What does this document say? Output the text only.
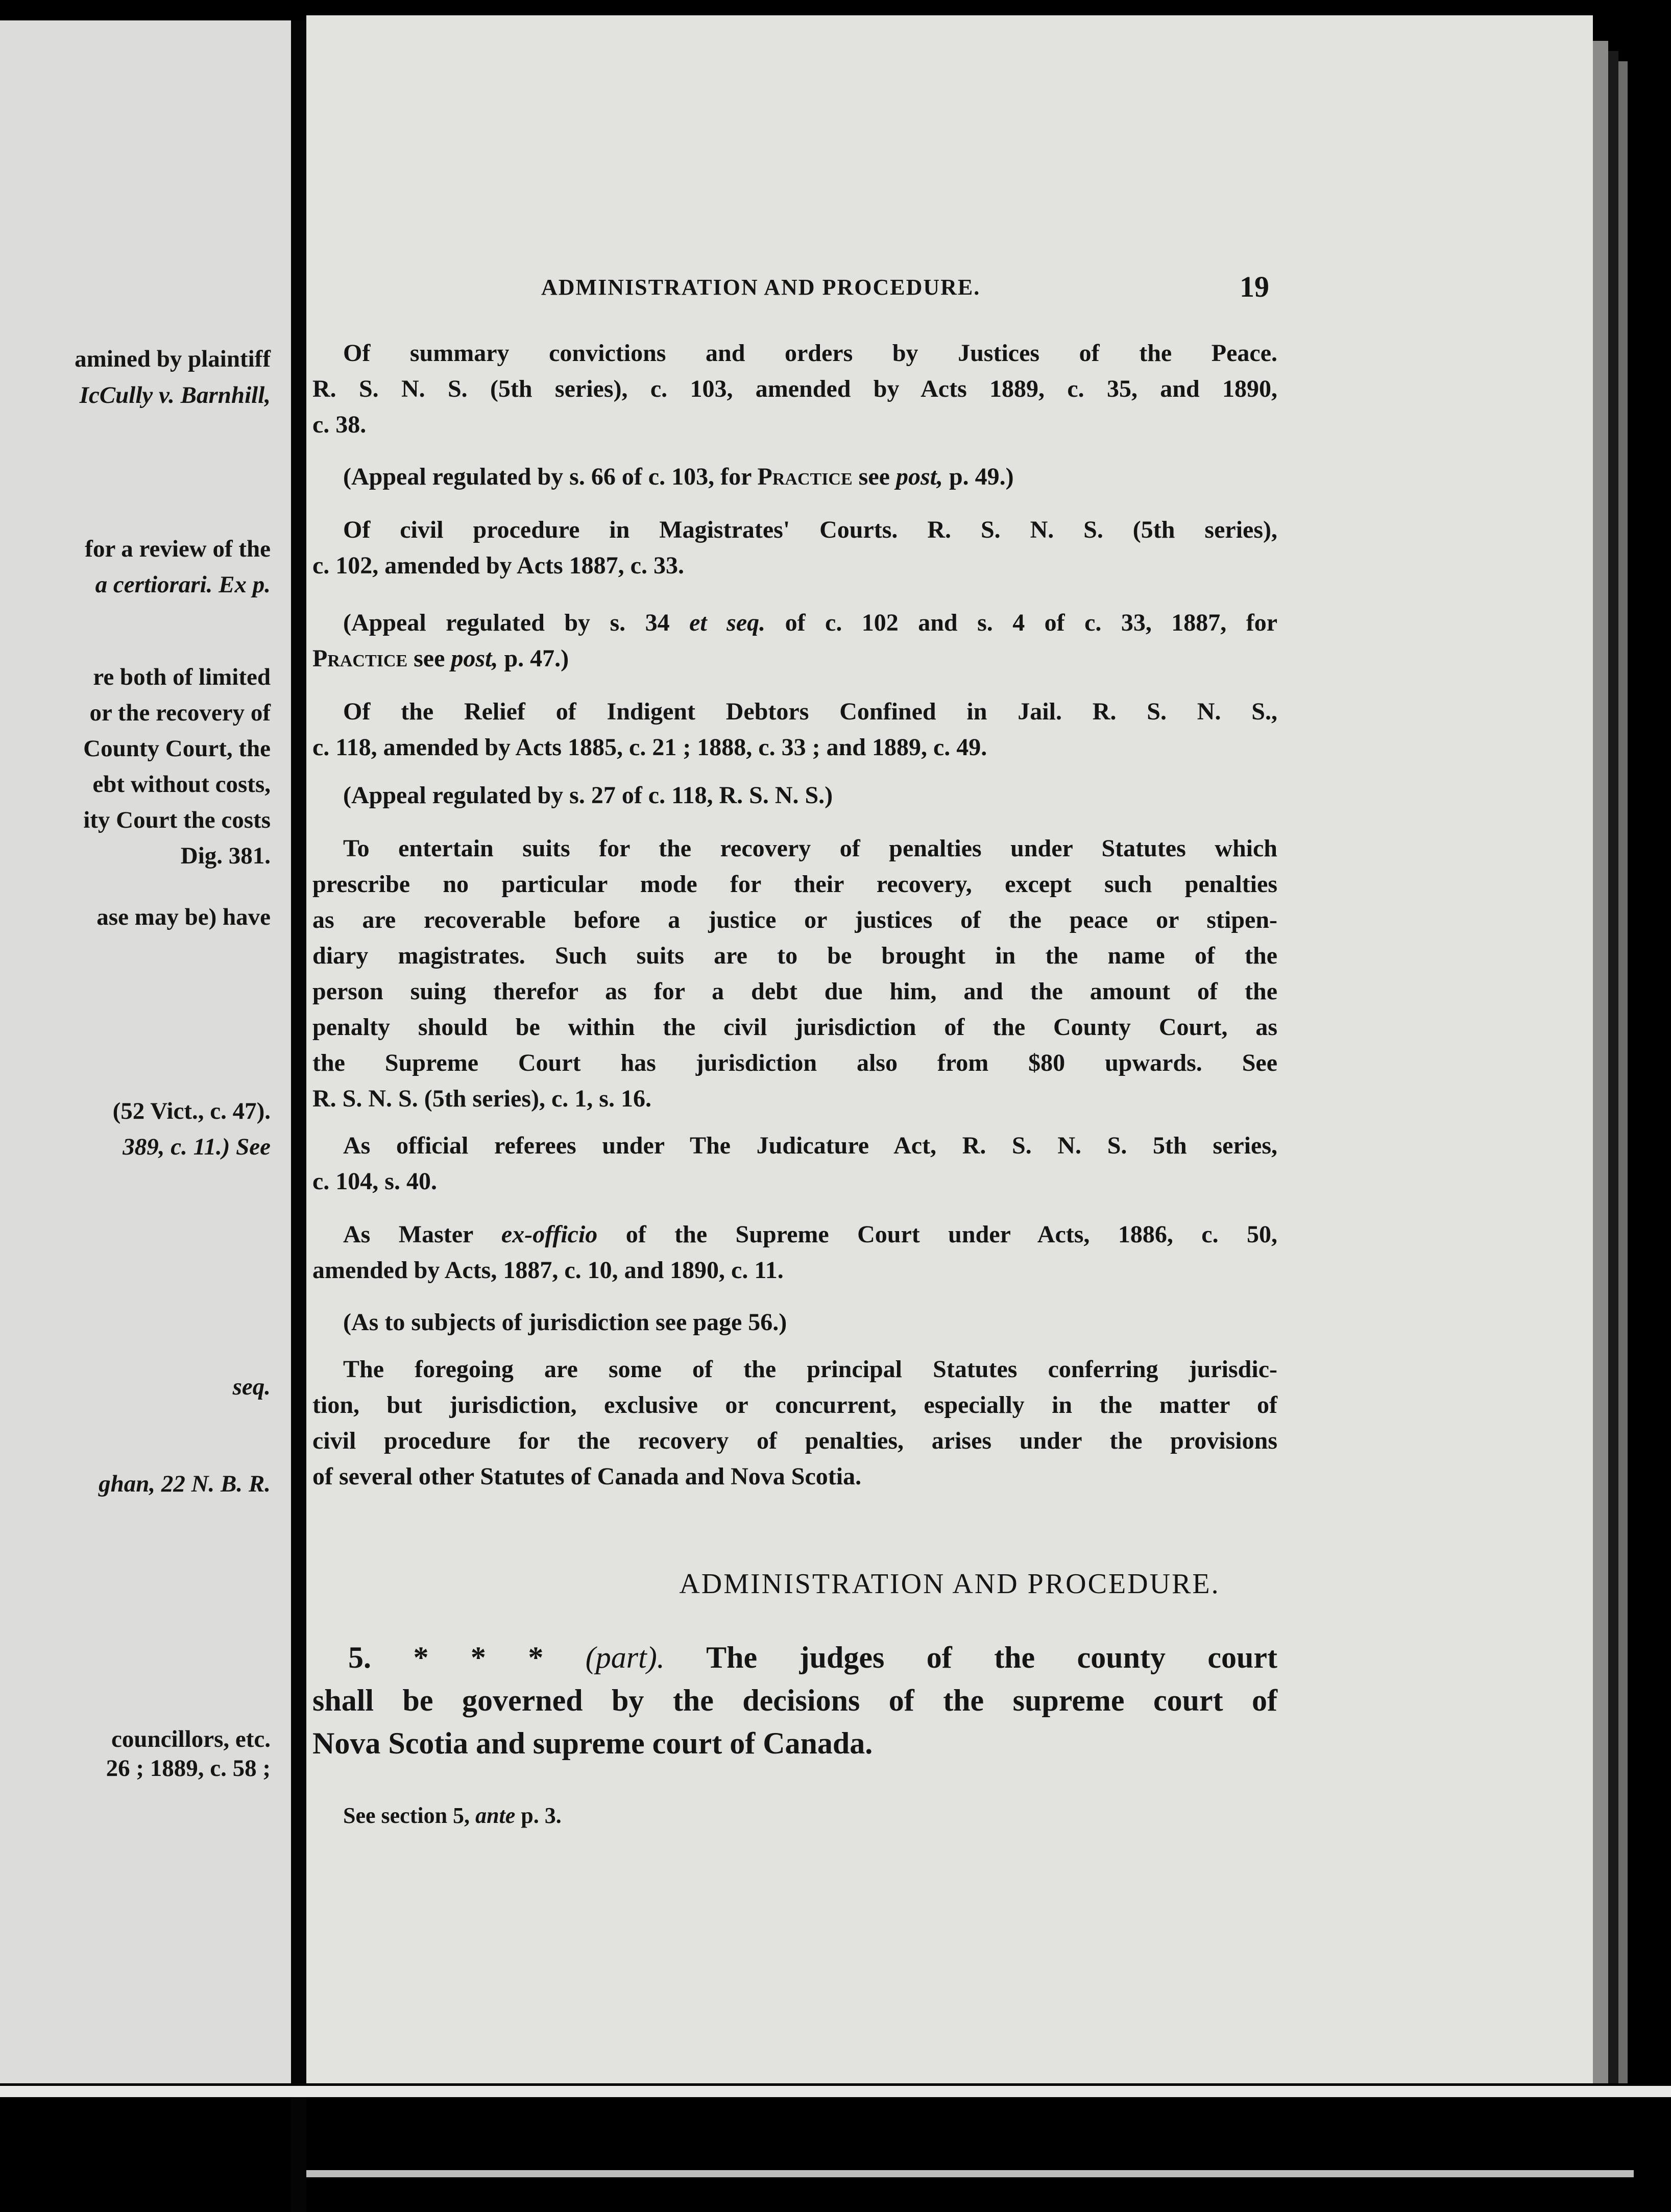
amined by plaintiff
IcCully v. Barnhill,
for a review of the
a certiorari. Ex p.
re both of limited
or the recovery of
County Court, the
ebt without costs,
ity Court the costs
Dig. 381.
ase may be) have
(52 Vict., c. 47).
389, c. 11.) See
seq.
ghan, 22 N. B. R.
councillors, etc.
26 ; 1889, c. 58 ;
ADMINISTRATION AND PROCEDURE.	19
Of summary convictions and orders by Justices of the Peace.
R. S. N. S. (5th series), c. 103, amended by Acts 1889, c. 35, and 1890,
c. 38.
(Appeal regulated by s. 66 of c. 103, for Practice see post, p. 49.)
Of civil procedure in Magistrates' Courts. R. S. N. S. (5th series),
c. 102, amended by Acts 1887, c. 33.
(Appeal regulated by s. 34 et seq. of c. 102 and s. 4 of c. 33, 1887, for
Practice see post, p. 47.)
Of the Relief of Indigent Debtors Confined in Jail. R. S. N. S.,
c. 118, amended by Acts 1885, c. 21 ; 1888, c. 33 ; and 1889, c. 49.
(Appeal regulated by s. 27 of c. 118, R. S. N. S.)
To entertain suits for the recovery of penalties under Statutes which
prescribe no particular mode for their recovery, except such penalties
as are recoverable before a justice or justices of the peace or stipen-
diary magistrates. Such suits are to be brought in the name of the
person suing therefor as for a debt due him, and the amount of the
penalty should be within the civil jurisdiction of the County Court, as
the Supreme Court has jurisdiction also from $80 upwards. See
R. S. N. S. (5th series), c. 1, s. 16.
As official referees under The Judicature Act, R. S. N. S. 5th series,
c. 104, s. 40.
As Master ex-officio of the Supreme Court under Acts, 1886, c. 50,
amended by Acts, 1887, c. 10, and 1890, c. 11.
(As to subjects of jurisdiction see page 56.)
The foregoing are some of the principal Statutes conferring jurisdic-
tion, but jurisdiction, exclusive or concurrent, especially in the matter of
civil procedure for the recovery of penalties, arises under the provisions
of several other Statutes of Canada and Nova Scotia.
ADMINISTRATION AND PROCEDURE.
5. * * * (part). The judges of the county court
shall be governed by the decisions of the supreme court of
Nova Scotia and supreme court of Canada.
See section 5, ante p. 3.
